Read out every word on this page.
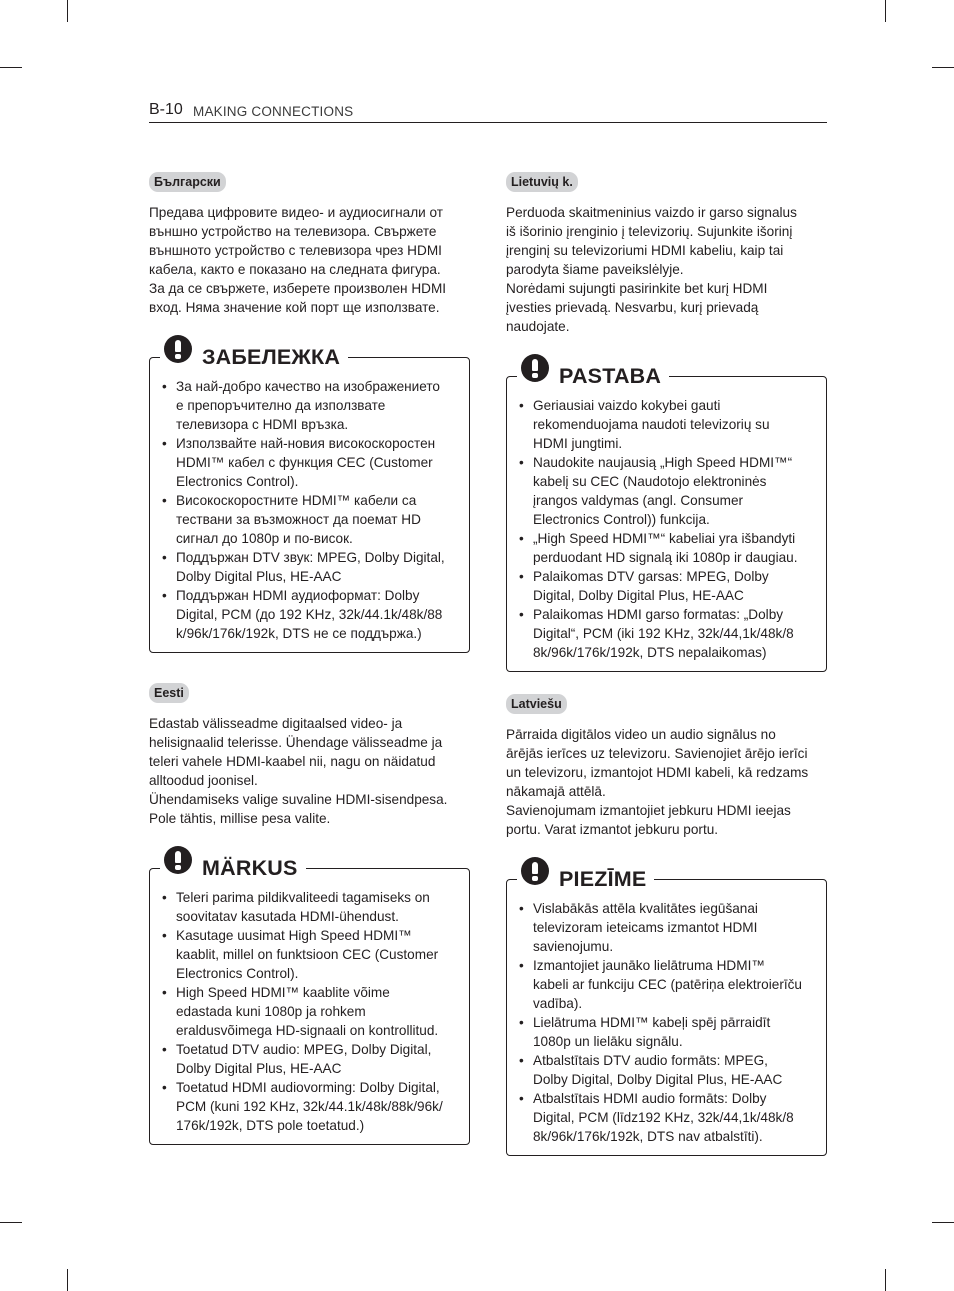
B-10 MAKING CONNECTIONS
Български
Предава цифровите видео- и аудиосигнали от
външно устройство на телевизора. Свържете
външното устройство с телевизора чрез HDMI
кабела, както е показано на следната фигура.
За да се свържете, изберете произволен HDMI
вход. Няма значение кой порт ще използвате.
ЗАБЕЛЕЖКА
• За най-добро качество на изображението
е препоръчително да използвате
телевизора с HDMI връзка.
• Използвайте най-новия високоскоростен
HDMI™ кабел с функция CEC (Customer
Electronics Control).
• Високоскоростните HDMI™ кабели са
тествани за възможност да поемат HD
сигнал до 1080p и по-висок.
• Поддържан DTV звук: MPEG, Dolby Digital,
Dolby Digital Plus, HE-AAC
• Поддържан HDMI аудиоформат: Dolby
Digital, PCM (до 192 KHz, 32k/44.1k/48k/88
k/96k/176k/192k, DTS не се поддържа.)
Eesti
Edastab välisseadme digitaalsed video- ja
helisignaalid telerisse. Ühendage välisseadme ja
teleri vahele HDMI-kaabel nii, nagu on näidatud
alltoodud joonisel.
Ühendamiseks valige suvaline HDMI-sisendpesa.
Pole tähtis, millise pesa valite.
MÄRKUS
• Teleri parima pildikvaliteedi tagamiseks on
soovitatav kasutada HDMI-ühendust.
• Kasutage uusimat High Speed HDMI™
kaablit, millel on funktsioon CEC (Customer
Electronics Control).
• High Speed HDMI™ kaablite võime
edastada kuni 1080p ja rohkem
eraldusvõimega HD-signaali on kontrollitud.
• Toetatud DTV audio: MPEG, Dolby Digital,
Dolby Digital Plus, HE-AAC
• Toetatud HDMI audiovorming: Dolby Digital,
PCM (kuni 192 KHz, 32k/44.1k/48k/88k/96k/
176k/192k, DTS pole toetatud.)
Lietuvių k.
Perduoda skaitmeninius vaizdo ir garso signalus
iš išorinio įrenginio į televizorių. Sujunkite išorinį
įrenginį su televizoriumi HDMI kabeliu, kaip tai
parodyta šiame paveikslėlyje.
Norėdami sujungti pasirinkite bet kurį HDMI
įvesties prievadą. Nesvarbu, kurį prievadą
naudojate.
PASTABA
• Geriausiai vaizdo kokybei gauti
rekomenduojama naudoti televizorių su
HDMI jungtimi.
• Naudokite naujausią „High Speed HDMI™“
kabelį su CEC (Naudotojo elektroninės
įrangos valdymas (angl. Consumer
Electronics Control)) funkcija.
• „High Speed HDMI™“ kabeliai yra išbandyti
perduodant HD signalą iki 1080p ir daugiau.
• Palaikomas DTV garsas: MPEG, Dolby
Digital, Dolby Digital Plus, HE-AAC
• Palaikomas HDMI garso formatas: „Dolby
Digital“, PCM (iki 192 KHz, 32k/44,1k/48k/8
8k/96k/176k/192k, DTS nepalaikomas)
Latviešu
Pārraida digitālos video un audio signālus no
ārējās ierīces uz televizoru. Savienojiet ārējo ierīci
un televizoru, izmantojot HDMI kabeli, kā redzams
nākamajā attēlā.
Savienojumam izmantojiet jebkuru HDMI ieejas
portu. Varat izmantot jebkuru portu.
PIEZĪME
• Vislabākās attēla kvalitātes iegūšanai
televizoram ieteicams izmantot HDMI
savienojumu.
• Izmantojiet jaunāko lielātruma HDMI™
kabeli ar funkciju CEC (patēriņa elektroierīču
vadība).
• Lielātruma HDMI™ kabeļi spēj pārraidīt
1080p un lielāku signālu.
• Atbalstītais DTV audio formāts: MPEG,
Dolby Digital, Dolby Digital Plus, HE-AAC
• Atbalstītais HDMI audio formāts: Dolby
Digital, PCM (līdz192 KHz, 32k/44,1k/48k/8
8k/96k/176k/192k, DTS nav atbalstīti).
